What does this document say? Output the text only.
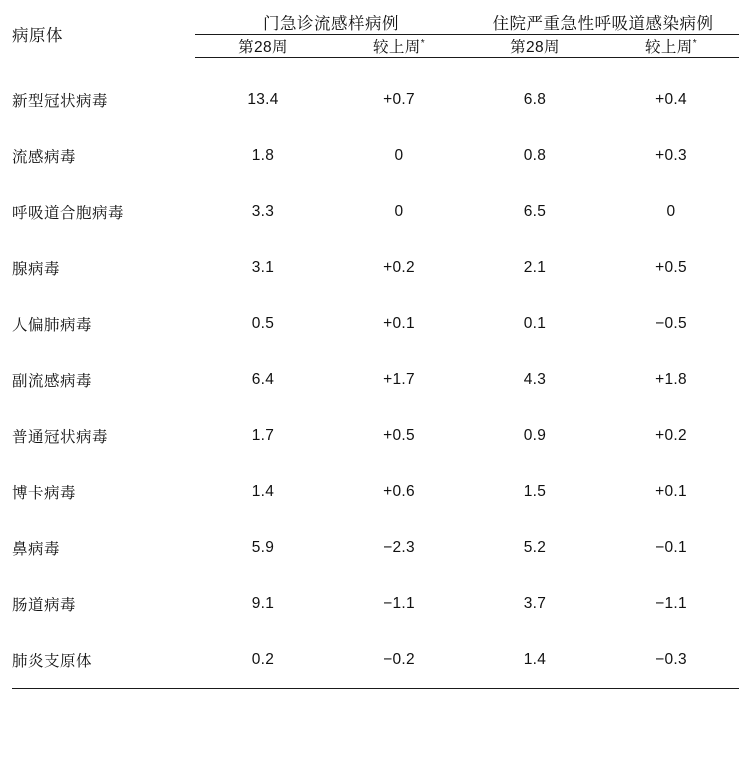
病原体	门急诊流感样病例		住院严重急性呼吸道感染病例	
	第28周	较上周*	第28周	较上周*

新型冠状病毒	13.4	+0.7	6.8	+0.4
流感病毒	1.8	0	0.8	+0.3
呼吸道合胞病毒	3.3	0	6.5	0
腺病毒	3.1	+0.2	2.1	+0.5
人偏肺病毒	0.5	+0.1	0.1	−0.5
副流感病毒	6.4	+1.7	4.3	+1.8
普通冠状病毒	1.7	+0.5	0.9	+0.2
博卡病毒	1.4	+0.6	1.5	+0.1
鼻病毒	5.9	−2.3	5.2	−0.1
肠道病毒	9.1	−1.1	3.7	−1.1
肺炎支原体	0.2	−0.2	1.4	−0.3
